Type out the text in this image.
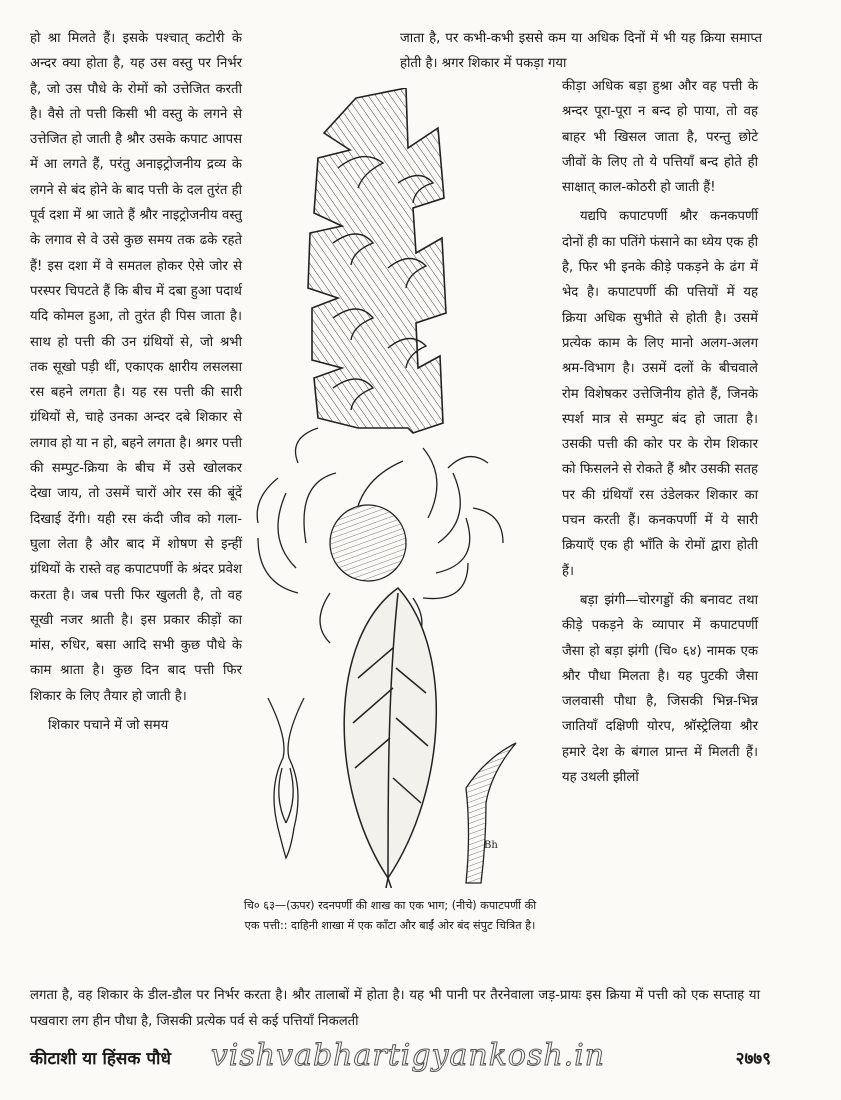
हो श्रा मिलते हैं। इसके पश्चात् कटोरी के अन्दर क्या होता है, यह उस वस्तु पर निर्भर है, जो उस पौधे के रोमों को उत्तेजित करती है। वैसे तो पत्ती किसी भी वस्तु के लगने से उत्तेजित हो जाती है श्रौर उसके कपाट आपस में आ लगते हैं, परंतु अनाइट्रोजनीय द्रव्य के लगने से बंद होने के बाद पत्ती के दल तुरंत ही पूर्व दशा में श्रा जाते हैं श्रौर नाइट्रोजनीय वस्तु के लगाव से वे उसे कुछ समय तक ढके रहते हैं! इस दशा में वे समतल होकर ऐसे जोर से परस्पर चिपटते हैं कि बीच में दबा हुआ पदार्थ यदि कोमल हुआ, तो तुरंत ही पिस जाता है। साथ हो पत्ती की उन ग्रंथियों से, जो श्रभी तक सूखो पड़ी थीं, एकाएक क्षारीय लसलसा रस बहने लगता है। यह रस पत्ती की सारी ग्रंथियों से, चाहे उनका अन्दर दबे शिकार से लगाव हो या न हो, बहने लगता है। श्रगर पत्ती की सम्पुट-क्रिया के बीच में उसे खोलकर देखा जाय, तो उसमें चारों ओर रस की बूंदें दिखाई देंगी। यही रस कंदी जीव को गला-घुला लेता है और बाद में शोषण से इन्हीं ग्रंथियों के रास्ते वह कपाटपर्णी के श्रंदर प्रवेश करता है। जब पत्ती फिर खुलती है, तो वह सूखी नजर श्राती है। इस प्रकार कीड़ों का मांस, रुधिर, बसा आदि सभी कुछ पौधे के काम श्राता है। कुछ दिन बाद पत्ती फिर शिकार के लिए तैयार हो जाती है।

शिकार पचाने में जो समय

जाता है, पर कभी-कभी इससे कम या अधिक दिनों में भी यह क्रिया समाप्त होती है। श्रगर शिकार में पकड़ा गया

कीड़ा अधिक बड़ा हुश्रा और वह पत्ती के श्रन्दर पूरा-पूरा न बन्द हो पाया, तो वह बाहर भी खिसल जाता है, परन्तु छोटे जीवों के लिए तो ये पत्तियाँ बन्द होते ही साक्षात् काल-कोठरी हो जाती हैं!

यद्यपि कपाटपर्णी श्रौर कनकपर्णी दोनों ही का पतिंगे फंसाने का ध्येय एक ही है, फिर भी इनके कीड़े पकड़ने के ढंग में भेद है। कपाटपर्णी की पत्तियों में यह क्रिया अधिक सुभीते से होती है। उसमें प्रत्येक काम के लिए मानो अलग-अलग श्रम-विभाग है। उसमें दलों के बीचवाले रोम विशेषकर उत्तेजिनीय होते हैं, जिनके स्पर्श मात्र से सम्पुट बंद हो जाता है। उसकी पत्ती की कोर पर के रोम शिकार को फिसलने से रोकते हैं श्रौर उसकी सतह पर की ग्रंथियाँ रस उंडेलकर शिकार का पचन करती हैं। कनकपर्णी में ये सारी क्रियाएँ एक ही भाँति के रोमों द्वारा होती हैं।

बड़ा झंगी—चोरगड्डों की बनावट तथा कीड़े पकड़ने के व्यापार में कपाटपर्णी जैसा हो बड़ा झंगी (चि० ६४) नामक एक श्रौर पौधा मिलता है। यह पुटकी जैसा जलवासी पौधा है, जिसकी भिन्न-भिन्न जातियाँ दक्षिणी योरप, श्रॉस्ट्रेलिया श्रौर हमारे देश के बंगाल प्रान्त में मिलती हैं। यह उथली झीलों

Bh

चि० ६३—(ऊपर) रदनपर्णी की शाख का एक भाग; (नीचे) कपाटपर्णी की एक पत्ती:: दाहिनी शाखा में एक काँटा और बाईं ओर बंद संपुट चित्रित है।

लगता है, वह शिकार के डील-डौल पर निर्भर करता है। श्रौर तालाबों में होता है। यह भी पानी पर तैरनेवाला जड़-प्रायः इस क्रिया में पत्ती को एक सप्ताह या पखवारा लग हीन पौधा है, जिसकी प्रत्येक पर्व से कई पत्तियाँ निकलती

कीटाशी या हिंसक पौधे	vishvabhartigyankosh.in	२७७९
